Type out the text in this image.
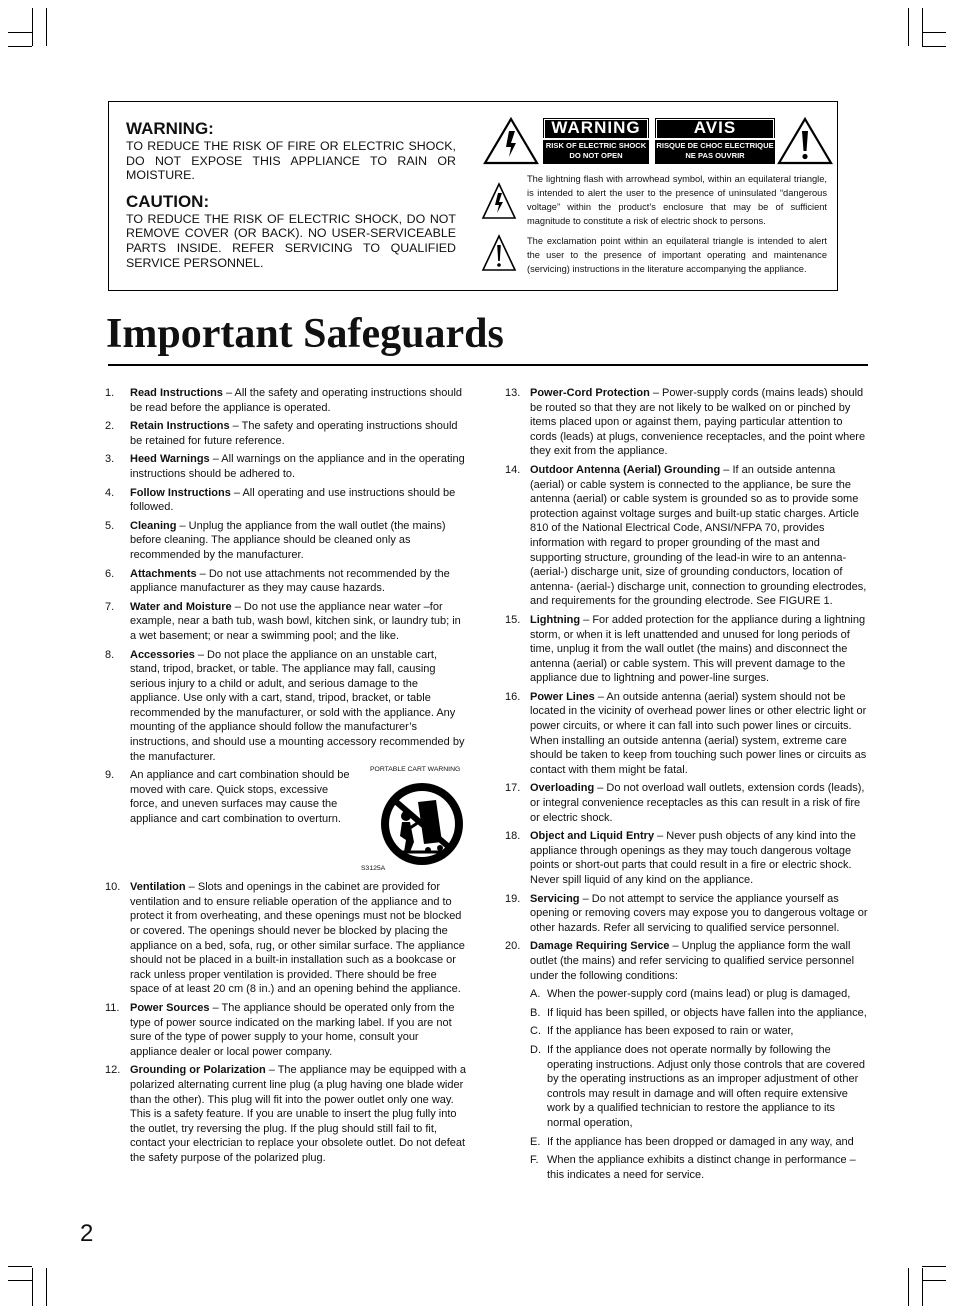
WARNING:

TO REDUCE THE RISK OF FIRE OR ELECTRIC SHOCK, DO NOT EXPOSE THIS APPLIANCE TO RAIN OR MOISTURE.

CAUTION:

TO REDUCE THE RISK OF ELECTRIC SHOCK, DO NOT REMOVE COVER (OR BACK). NO USER-SERVICEABLE PARTS INSIDE. REFER SERVICING TO QUALIFIED SERVICE PERSONNEL.

WARNING
RISK OF ELECTRIC SHOCK
DO NOT OPEN
AVIS
RISQUE DE CHOC ELECTRIQUE
NE PAS OUVRIR
The lightning flash with arrowhead symbol, within an equilateral triangle, is intended to alert the user to the presence of uninsulated “dangerous voltage” within the product’s enclosure that may be of sufficient magnitude to constitute a risk of electric shock to persons.
The exclamation point within an equilateral triangle is intended to alert the user to the presence of important operating and maintenance (servicing) instructions in the literature accompanying the appliance.
Important Safeguards
1. Read Instructions – All the safety and operating instructions should be read before the appliance is operated.
2. Retain Instructions – The safety and operating instructions should be retained for future reference.
3. Heed Warnings – All warnings on the appliance and in the operating instructions should be adhered to.
4. Follow Instructions – All operating and use instructions should be followed.
5. Cleaning – Unplug the appliance from the wall outlet (the mains) before cleaning. The appliance should be cleaned only as recommended by the manufacturer.
6. Attachments – Do not use attachments not recommended by the appliance manufacturer as they may cause hazards.
7. Water and Moisture – Do not use the appliance near water –for example, near a bath tub, wash bowl, kitchen sink, or laundry tub; in a wet basement; or near a swimming pool; and the like.
8. Accessories – Do not place the appliance on an unstable cart, stand, tripod, bracket, or table. The appliance may fall, causing serious injury to a child or adult, and serious damage to the appliance. Use only with a cart, stand, tripod, bracket, or table recommended by the manufacturer, or sold with the appliance. Any mounting of the appliance should follow the manufacturer’s instructions, and should use a mounting accessory recommended by the manufacturer.
9. An appliance and cart combination should be moved with care. Quick stops, excessive force, and uneven surfaces may cause the appliance and cart combination to overturn.
PORTABLE CART WARNING
S3125A
10. Ventilation – Slots and openings in the cabinet are provided for ventilation and to ensure reliable operation of the appliance and to protect it from overheating, and these openings must not be blocked or covered. The openings should never be blocked by placing the appliance on a bed, sofa, rug, or other similar surface. The appliance should not be placed in a built-in installation such as a bookcase or rack unless proper ventilation is provided. There should be free space of at least 20 cm (8 in.) and an opening behind the appliance.
11. Power Sources – The appliance should be operated only from the type of power source indicated on the marking label. If you are not sure of the type of power supply to your home, consult your appliance dealer or local power company.
12. Grounding or Polarization – The appliance may be equipped with a polarized alternating current line plug (a plug having one blade wider than the other). This plug will fit into the power outlet only one way. This is a safety feature. If you are unable to insert the plug fully into the outlet, try reversing the plug. If the plug should still fail to fit, contact your electrician to replace your obsolete outlet. Do not defeat the safety purpose of the polarized plug.
13. Power-Cord Protection – Power-supply cords (mains leads) should be routed so that they are not likely to be walked on or pinched by items placed upon or against them, paying particular attention to cords (leads) at plugs, convenience receptacles, and the point where they exit from the appliance.
14. Outdoor Antenna (Aerial) Grounding – If an outside antenna (aerial) or cable system is connected to the appliance, be sure the antenna (aerial) or cable system is grounded so as to provide some protection against voltage surges and built-up static charges. Article 810 of the National Electrical Code, ANSI/NFPA 70, provides information with regard to proper grounding of the mast and supporting structure, grounding of the lead-in wire to an antenna- (aerial-) discharge unit, size of grounding conductors, location of antenna- (aerial-) discharge unit, connection to grounding electrodes, and requirements for the grounding electrode. See FIGURE 1.
15. Lightning – For added protection for the appliance during a lightning storm, or when it is left unattended and unused for long periods of time, unplug it from the wall outlet (the mains) and disconnect the antenna (aerial) or cable system. This will prevent damage to the appliance due to lightning and power-line surges.
16. Power Lines – An outside antenna (aerial) system should not be located in the vicinity of overhead power lines or other electric light or power circuits, or where it can fall into such power lines or circuits. When installing an outside antenna (aerial) system, extreme care should be taken to keep from touching such power lines or circuits as contact with them might be fatal.
17. Overloading – Do not overload wall outlets, extension cords (leads), or integral convenience receptacles as this can result in a risk of fire or electric shock.
18. Object and Liquid Entry – Never push objects of any kind into the appliance through openings as they may touch dangerous voltage points or short-out parts that could result in a fire or electric shock. Never spill liquid of any kind on the appliance.
19. Servicing – Do not attempt to service the appliance yourself as opening or removing covers may expose you to dangerous voltage or other hazards. Refer all servicing to qualified service personnel.
20. Damage Requiring Service – Unplug the appliance form the wall outlet (the mains) and refer servicing to qualified service personnel under the following conditions:
A. When the power-supply cord (mains lead) or plug is damaged,
B. If liquid has been spilled, or objects have fallen into the appliance,
C. If the appliance has been exposed to rain or water,
D. If the appliance does not operate normally by following the operating instructions. Adjust only those controls that are covered by the operating instructions as an improper adjustment of other controls may result in damage and will often require extensive work by a qualified technician to restore the appliance to its normal operation,
E. If the appliance has been dropped or damaged in any way, and
F. When the appliance exhibits a distinct change in performance – this indicates a need for service.
2
